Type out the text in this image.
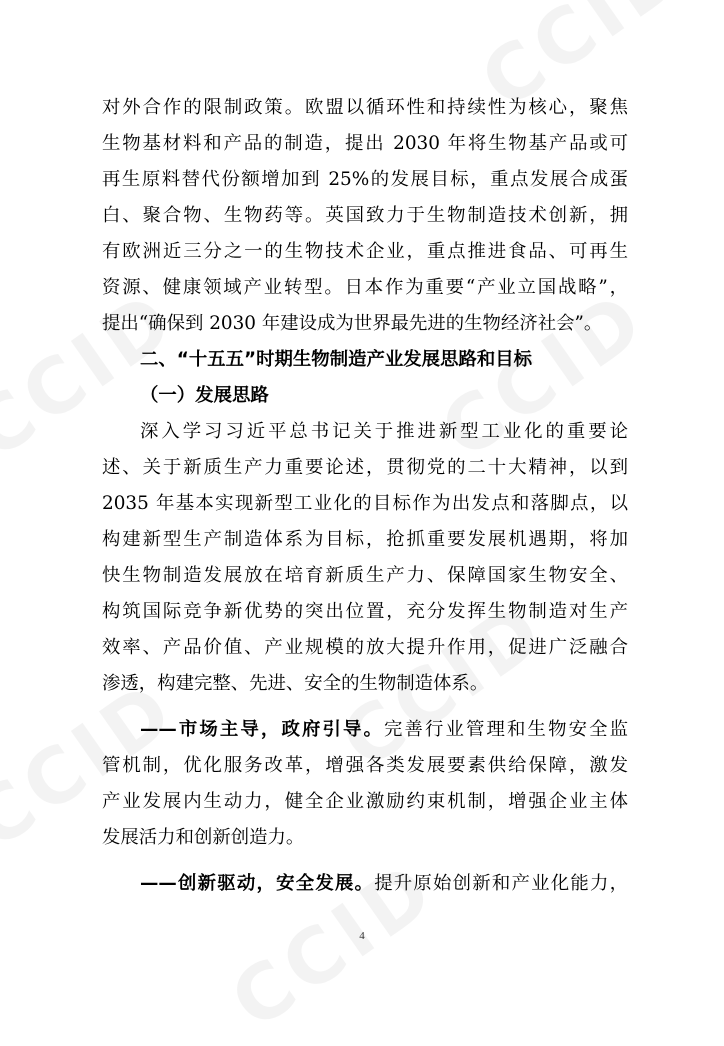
对外合作的限制政策。欧盟以循环性和持续性为核心，聚焦
生物基材料和产品的制造，提出 2030 年将生物基产品或可
再生原料替代份额增加到 25%的发展目标，重点发展合成蛋
白、聚合物、生物药等。英国致力于生物制造技术创新，拥
有欧洲近三分之一的生物技术企业，重点推进食品、可再生
资源、健康领域产业转型。日本作为重要“产业立国战略”，
提出“确保到 2030 年建设成为世界最先进的生物经济社会”。
二、“十五五”时期生物制造产业发展思路和目标
（一）发展思路
深入学习习近平总书记关于推进新型工业化的重要论
述、关于新质生产力重要论述，贯彻党的二十大精神，以到
2035 年基本实现新型工业化的目标作为出发点和落脚点，以
构建新型生产制造体系为目标，抢抓重要发展机遇期，将加
快生物制造发展放在培育新质生产力、保障国家生物安全、
构筑国际竞争新优势的突出位置，充分发挥生物制造对生产
效率、产品价值、产业规模的放大提升作用，促进广泛融合
渗透，构建完整、先进、安全的生物制造体系。
——市场主导，政府引导。完善行业管理和生物安全监
管机制，优化服务改革，增强各类发展要素供给保障，激发
产业发展内生动力，健全企业激励约束机制，增强企业主体
发展活力和创新创造力。
——创新驱动，安全发展。提升原始创新和产业化能力，
4
